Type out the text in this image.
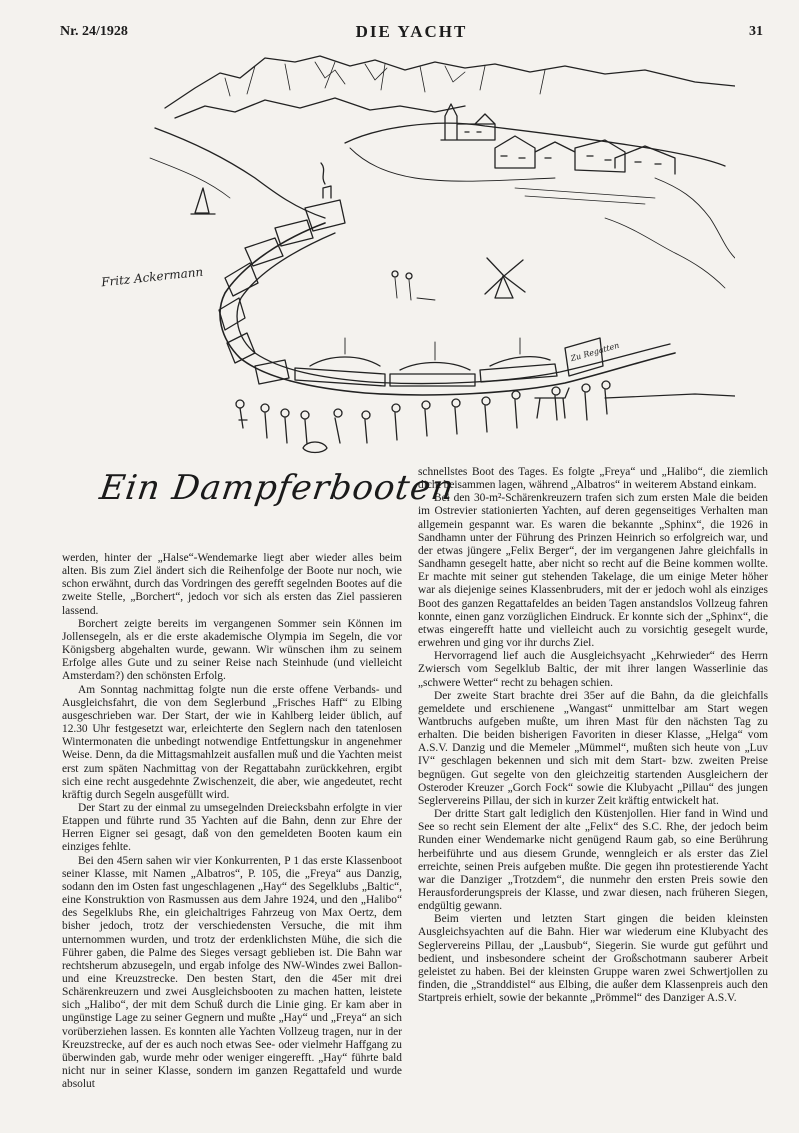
Nr. 24/1928	DIE YACHT	31
Zu Regatten
Fritz Ackermann
Ein Dampferbooten

werden, hinter der „Halse“-Wendemarke liegt aber wieder alles beim alten. Bis zum Ziel ändert sich die Reihenfolge der Boote nur noch, wie schon erwähnt, durch das Vordringen des gerefft segelnden Bootes auf die zweite Stelle, „Borchert“, jedoch vor sich als ersten das Ziel passieren lassend.

Borchert zeigte bereits im vergangenen Sommer sein Können im Jollensegeln, als er die erste akademische Olympia im Segeln, die vor Königsberg abgehalten wurde, gewann. Wir wünschen ihm zu seinem Erfolge alles Gute und zu seiner Reise nach Steinhude (und vielleicht Amsterdam?) den schönsten Erfolg.

Am Sonntag nachmittag folgte nun die erste offene Verbands- und Ausgleichsfahrt, die von dem Seglerbund „Frisches Haff“ zu Elbing ausgeschrieben war. Der Start, der wie in Kahlberg leider üblich, auf 12.30 Uhr festgesetzt war, erleichterte den Seglern nach den tatenlosen Wintermonaten die unbedingt notwendige Entfettungskur in angenehmer Weise. Denn, da die Mittagsmahlzeit ausfallen muß und die Yachten meist erst zum späten Nachmittag von der Regattabahn zurückkehren, ergibt sich eine recht ausgedehnte Zwischenzeit, die aber, wie angedeutet, recht kräftig durch Segeln ausgefüllt wird.

Der Start zu der einmal zu umsegelnden Dreiecksbahn erfolgte in vier Etappen und führte rund 35 Yachten auf die Bahn, denn zur Ehre der Herren Eigner sei gesagt, daß von den gemeldeten Booten kaum ein einziges fehlte.

Bei den 45ern sahen wir vier Konkurrenten, P 1 das erste Klassenboot seiner Klasse, mit Namen „Albatros“, P. 105, die „Freya“ aus Danzig, sodann den im Osten fast ungeschlagenen „Hay“ des Segelklubs „Baltic“, eine Konstruktion von Rasmussen aus dem Jahre 1924, und den „Halibo“ des Segelklubs Rhe, ein gleichaltriges Fahrzeug von Max Oertz, dem bisher jedoch, trotz der verschiedensten Versuche, die mit ihm unternommen wurden, und trotz der erdenklichsten Mühe, die sich die Führer gaben, die Palme des Sieges versagt geblieben ist. Die Bahn war rechtsherum abzusegeln, und ergab infolge des NW-Windes zwei Ballon- und eine Kreuzstrecke. Den besten Start, den die 45er mit drei Schärenkreuzern und zwei Ausgleichsbooten zu machen hatten, leistete sich „Halibo“, der mit dem Schuß durch die Linie ging. Er kam aber in ungünstige Lage zu seiner Gegnern und mußte „Hay“ und „Freya“ an sich vorüberziehen lassen. Es konnten alle Yachten Vollzeug tragen, nur in der Kreuzstrecke, auf der es auch noch etwas See- oder vielmehr Haffgang zu überwinden gab, wurde mehr oder weniger eingerefft. „Hay“ führte bald nicht nur in seiner Klasse, sondern im ganzen Regattafeld und wurde absolut

schnellstes Boot des Tages. Es folgte „Freya“ und „Halibo“, die ziemlich dicht beisammen lagen, während „Albatros“ in weiterem Abstand einkam.

Bei den 30-m²-Schärenkreuzern trafen sich zum ersten Male die beiden im Ostrevier stationierten Yachten, auf deren gegenseitiges Verhalten man allgemein gespannt war. Es waren die bekannte „Sphinx“, die 1926 in Sandhamn unter der Führung des Prinzen Heinrich so erfolgreich war, und der etwas jüngere „Felix Berger“, der im vergangenen Jahre gleichfalls in Sandhamn gesegelt hatte, aber nicht so recht auf die Beine kommen wollte. Er machte mit seiner gut stehenden Takelage, die um einige Meter höher war als diejenige seines Klassenbruders, mit der er jedoch wohl als einziges Boot des ganzen Regattafeldes an beiden Tagen anstandslos Vollzeug fahren konnte, einen ganz vorzüglichen Eindruck. Er konnte sich der „Sphinx“, die etwas eingerefft hatte und vielleicht auch zu vorsichtig gesegelt wurde, erwehren und ging vor ihr durchs Ziel.

Hervorragend lief auch die Ausgleichsyacht „Kehrwieder“ des Herrn Zwiersch vom Segelklub Baltic, der mit ihrer langen Wasserlinie das „schwere Wetter“ recht zu behagen schien.

Der zweite Start brachte drei 35er auf die Bahn, da die gleichfalls gemeldete und erschienene „Wangast“ unmittelbar am Start wegen Wantbruchs aufgeben mußte, um ihren Mast für den nächsten Tag zu erhalten. Die beiden bisherigen Favoriten in dieser Klasse, „Helga“ vom A.S.V. Danzig und die Memeler „Mümmel“, mußten sich heute von „Luv IV“ geschlagen bekennen und sich mit dem Start- bzw. zweiten Preise begnügen. Gut segelte von den gleichzeitig startenden Ausgleichern der Osteroder Kreuzer „Gorch Fock“ sowie die Klubyacht „Pillau“ des jungen Seglervereins Pillau, der sich in kurzer Zeit kräftig entwickelt hat.

Der dritte Start galt lediglich den Küstenjollen. Hier fand in Wind und See so recht sein Element der alte „Felix“ des S.C. Rhe, der jedoch beim Runden einer Wendemarke nicht genügend Raum gab, so eine Berührung herbeiführte und aus diesem Grunde, wenngleich er als erster das Ziel erreichte, seinen Preis aufgeben mußte. Die gegen ihn protestierende Yacht war die Danziger „Trotzdem“, die nunmehr den ersten Preis sowie den Herausforderungspreis der Klasse, und zwar diesen, nach früheren Siegen, endgültig gewann.

Beim vierten und letzten Start gingen die beiden kleinsten Ausgleichsyachten auf die Bahn. Hier war wiederum eine Klubyacht des Seglervereins Pillau, der „Lausbub“, Siegerin. Sie wurde gut geführt und bedient, und insbesondere scheint der Großschotmann sauberer Arbeit geleistet zu haben. Bei der kleinsten Gruppe waren zwei Schwertjollen zu finden, die „Stranddistel“ aus Elbing, die außer dem Klassenpreis auch den Startpreis erhielt, sowie der bekannte „Prömmel“ des Danziger A.S.V.
